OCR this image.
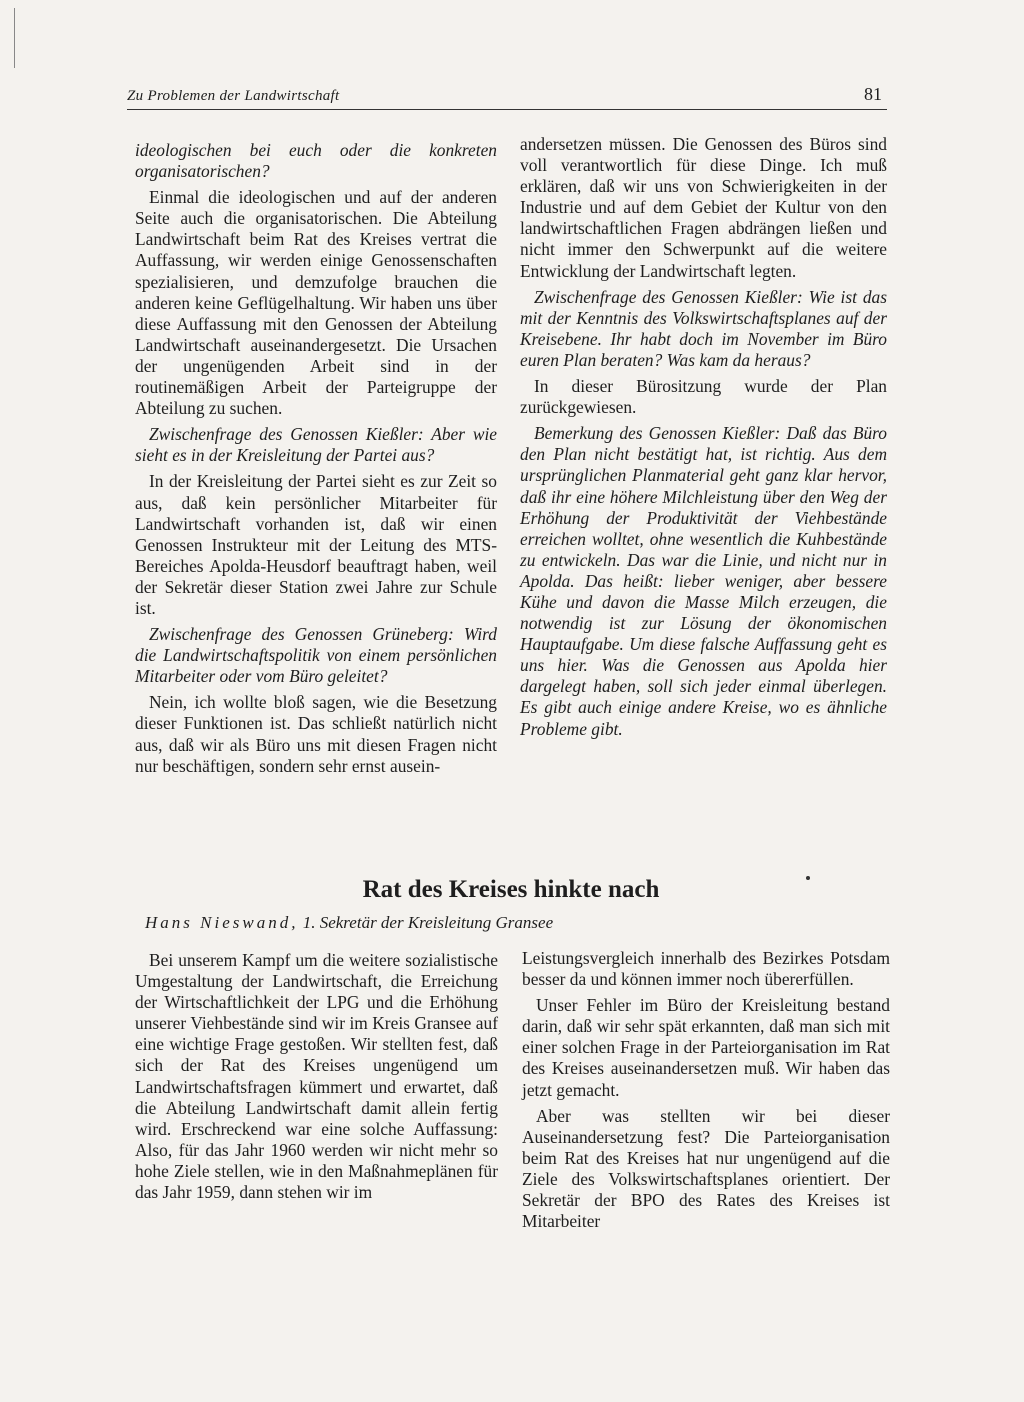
Zu Problemen der Landwirtschaft	81

ideologischen bei euch oder die konkreten organisatorischen?

Einmal die ideologischen und auf der anderen Seite auch die organisatorischen. Die Abteilung Landwirtschaft beim Rat des Kreises vertrat die Auffassung, wir werden einige Genossenschaften spezialisieren, und demzufolge brauchen die anderen keine Geflügelhaltung. Wir haben uns über diese Auffassung mit den Genossen der Abteilung Landwirtschaft auseinandergesetzt. Die Ursachen der ungenügenden Arbeit sind in der routinemäßigen Arbeit der Parteigruppe der Abteilung zu suchen.

Zwischenfrage des Genossen Kießler: Aber wie sieht es in der Kreisleitung der Partei aus?

In der Kreisleitung der Partei sieht es zur Zeit so aus, daß kein persönlicher Mitarbeiter für Landwirtschaft vorhanden ist, daß wir einen Genossen Instrukteur mit der Leitung des MTS-Bereiches Apolda-Heusdorf beauftragt haben, weil der Sekretär dieser Station zwei Jahre zur Schule ist.

Zwischenfrage des Genossen Grüneberg: Wird die Landwirtschaftspolitik von einem persönlichen Mitarbeiter oder vom Büro geleitet?

Nein, ich wollte bloß sagen, wie die Besetzung dieser Funktionen ist. Das schließt natürlich nicht aus, daß wir als Büro uns mit diesen Fragen nicht nur beschäftigen, sondern sehr ernst ausein-

andersetzen müssen. Die Genossen des Büros sind voll verantwortlich für diese Dinge. Ich muß erklären, daß wir uns von Schwierigkeiten in der Industrie und auf dem Gebiet der Kultur von den landwirtschaftlichen Fragen abdrängen ließen und nicht immer den Schwerpunkt auf die weitere Entwicklung der Landwirtschaft legten.

Zwischenfrage des Genossen Kießler: Wie ist das mit der Kenntnis des Volkswirtschaftsplanes auf der Kreisebene. Ihr habt doch im November im Büro euren Plan beraten? Was kam da heraus?

In dieser Bürositzung wurde der Plan zurückgewiesen.

Bemerkung des Genossen Kießler: Daß das Büro den Plan nicht bestätigt hat, ist richtig. Aus dem ursprünglichen Planmaterial geht ganz klar hervor, daß ihr eine höhere Milchleistung über den Weg der Erhöhung der Produktivität der Viehbestände erreichen wolltet, ohne wesentlich die Kuhbestände zu entwickeln. Das war die Linie, und nicht nur in Apolda. Das heißt: lieber weniger, aber bessere Kühe und davon die Masse Milch erzeugen, die notwendig ist zur Lösung der ökonomischen Hauptaufgabe. Um diese falsche Auffassung geht es uns hier. Was die Genossen aus Apolda hier dargelegt haben, soll sich jeder einmal überlegen. Es gibt auch einige andere Kreise, wo es ähnliche Probleme gibt.

Rat des Kreises hinkte nach
Hans Nieswand, 1. Sekretär der Kreisleitung Gransee

Bei unserem Kampf um die weitere sozialistische Umgestaltung der Landwirtschaft, die Erreichung der Wirtschaftlichkeit der LPG und die Erhöhung unserer Viehbestände sind wir im Kreis Gransee auf eine wichtige Frage gestoßen. Wir stellten fest, daß sich der Rat des Kreises ungenügend um Landwirtschaftsfragen kümmert und erwartet, daß die Abteilung Landwirtschaft damit allein fertig wird. Erschreckend war eine solche Auffassung: Also, für das Jahr 1960 werden wir nicht mehr so hohe Ziele stellen, wie in den Maßnahmeplänen für das Jahr 1959, dann stehen wir im

Leistungsvergleich innerhalb des Bezirkes Potsdam besser da und können immer noch übererfüllen.

Unser Fehler im Büro der Kreisleitung bestand darin, daß wir sehr spät erkannten, daß man sich mit einer solchen Frage in der Parteiorganisation im Rat des Kreises auseinandersetzen muß. Wir haben das jetzt gemacht.

Aber was stellten wir bei dieser Auseinandersetzung fest? Die Parteiorganisation beim Rat des Kreises hat nur ungenügend auf die Ziele des Volkswirtschaftsplanes orientiert. Der Sekretär der BPO des Rates des Kreises ist Mitarbeiter
